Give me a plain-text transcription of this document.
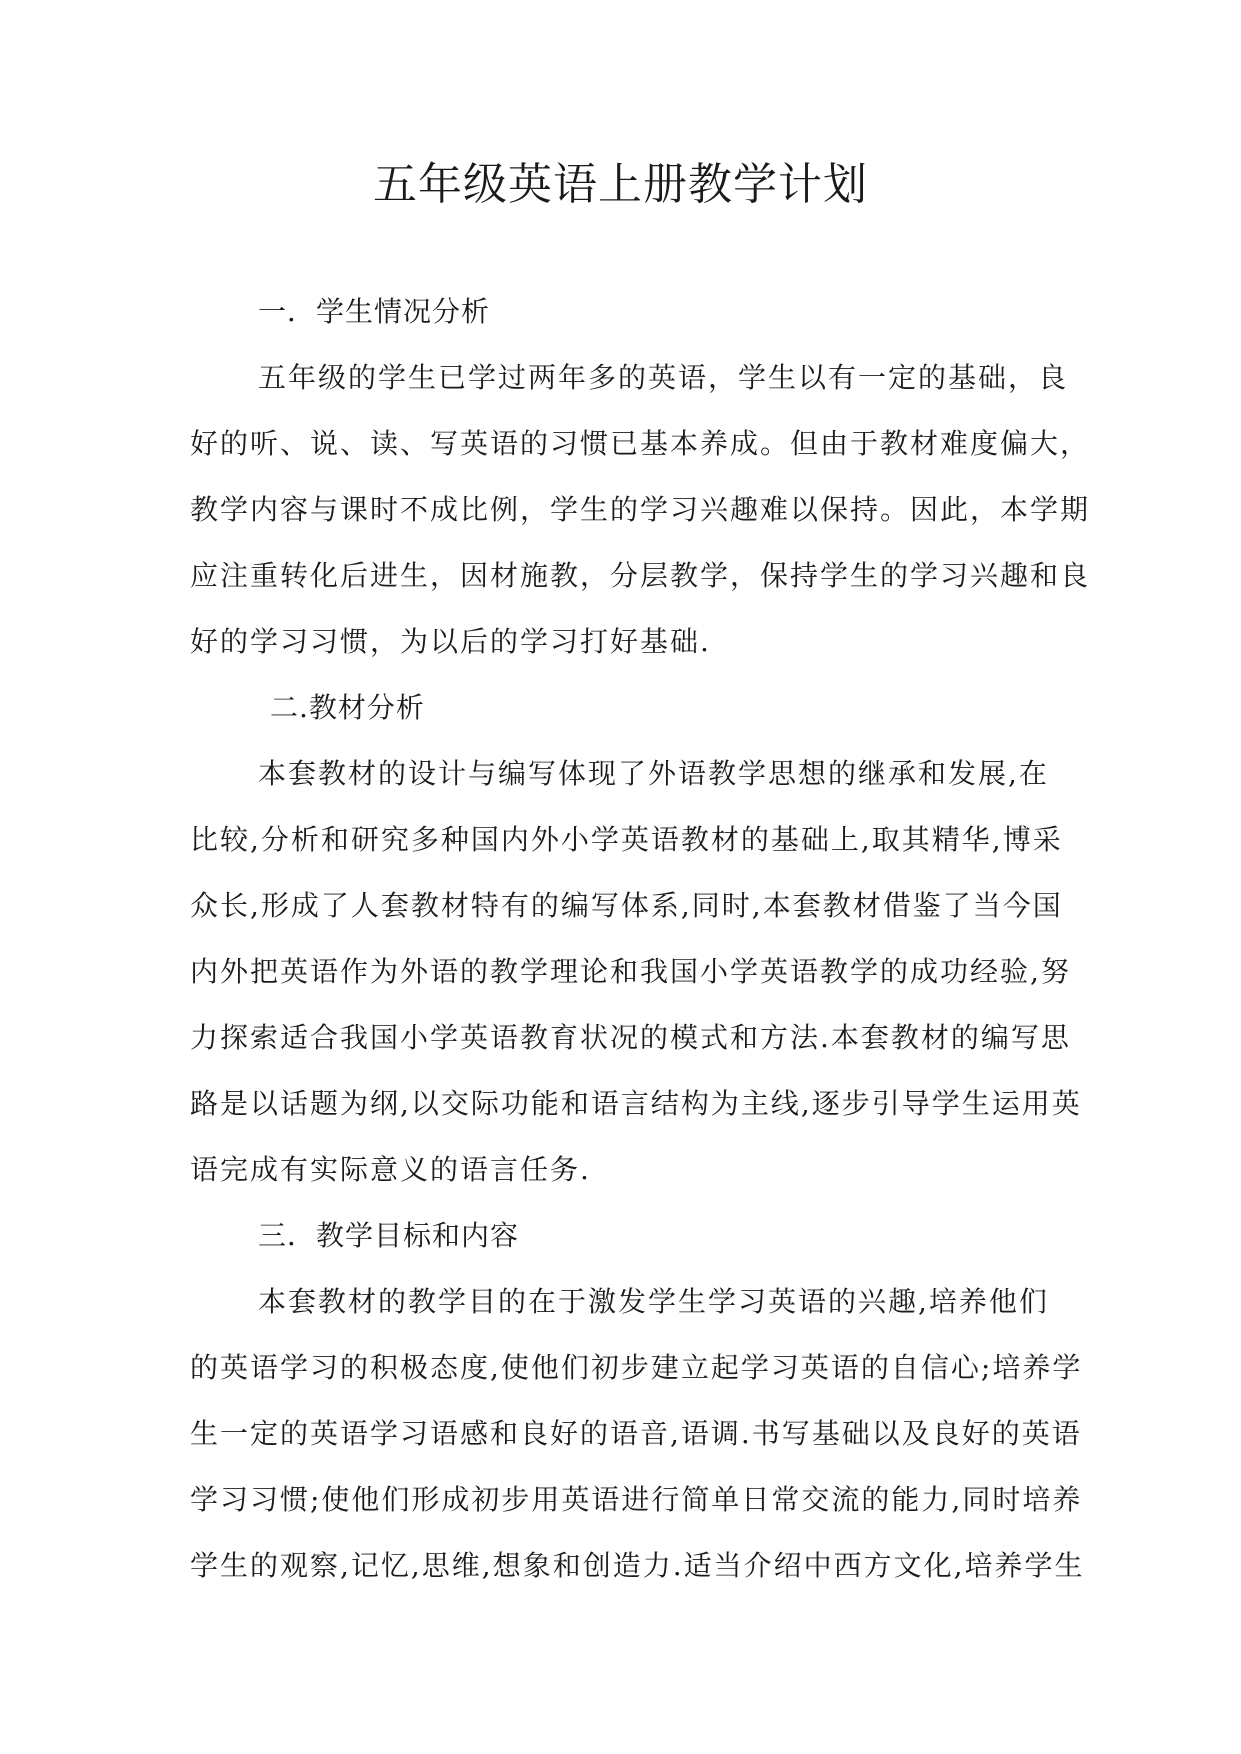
五年级英语上册教学计划

一．学生情况分析

五年级的学生已学过两年多的英语，学生以有一定的基础，良

好的听、说、读、写英语的习惯已基本养成。但由于教材难度偏大，

教学内容与课时不成比例，学生的学习兴趣难以保持。因此，本学期

应注重转化后进生，因材施教，分层教学，保持学生的学习兴趣和良

好的学习习惯，为以后的学习打好基础.

二.教材分析

本套教材的设计与编写体现了外语教学思想的继承和发展,在

比较,分析和研究多种国内外小学英语教材的基础上,取其精华,博采

众长,形成了人套教材特有的编写体系,同时,本套教材借鉴了当今国

内外把英语作为外语的教学理论和我国小学英语教学的成功经验,努

力探索适合我国小学英语教育状况的模式和方法.本套教材的编写思

路是以话题为纲,以交际功能和语言结构为主线,逐步引导学生运用英

语完成有实际意义的语言任务.

三．教学目标和内容

本套教材的教学目的在于激发学生学习英语的兴趣,培养他们

的英语学习的积极态度,使他们初步建立起学习英语的自信心;培养学

生一定的英语学习语感和良好的语音,语调.书写基础以及良好的英语

学习习惯;使他们形成初步用英语进行简单日常交流的能力,同时培养

学生的观察,记忆,思维,想象和创造力.适当介绍中西方文化,培养学生
